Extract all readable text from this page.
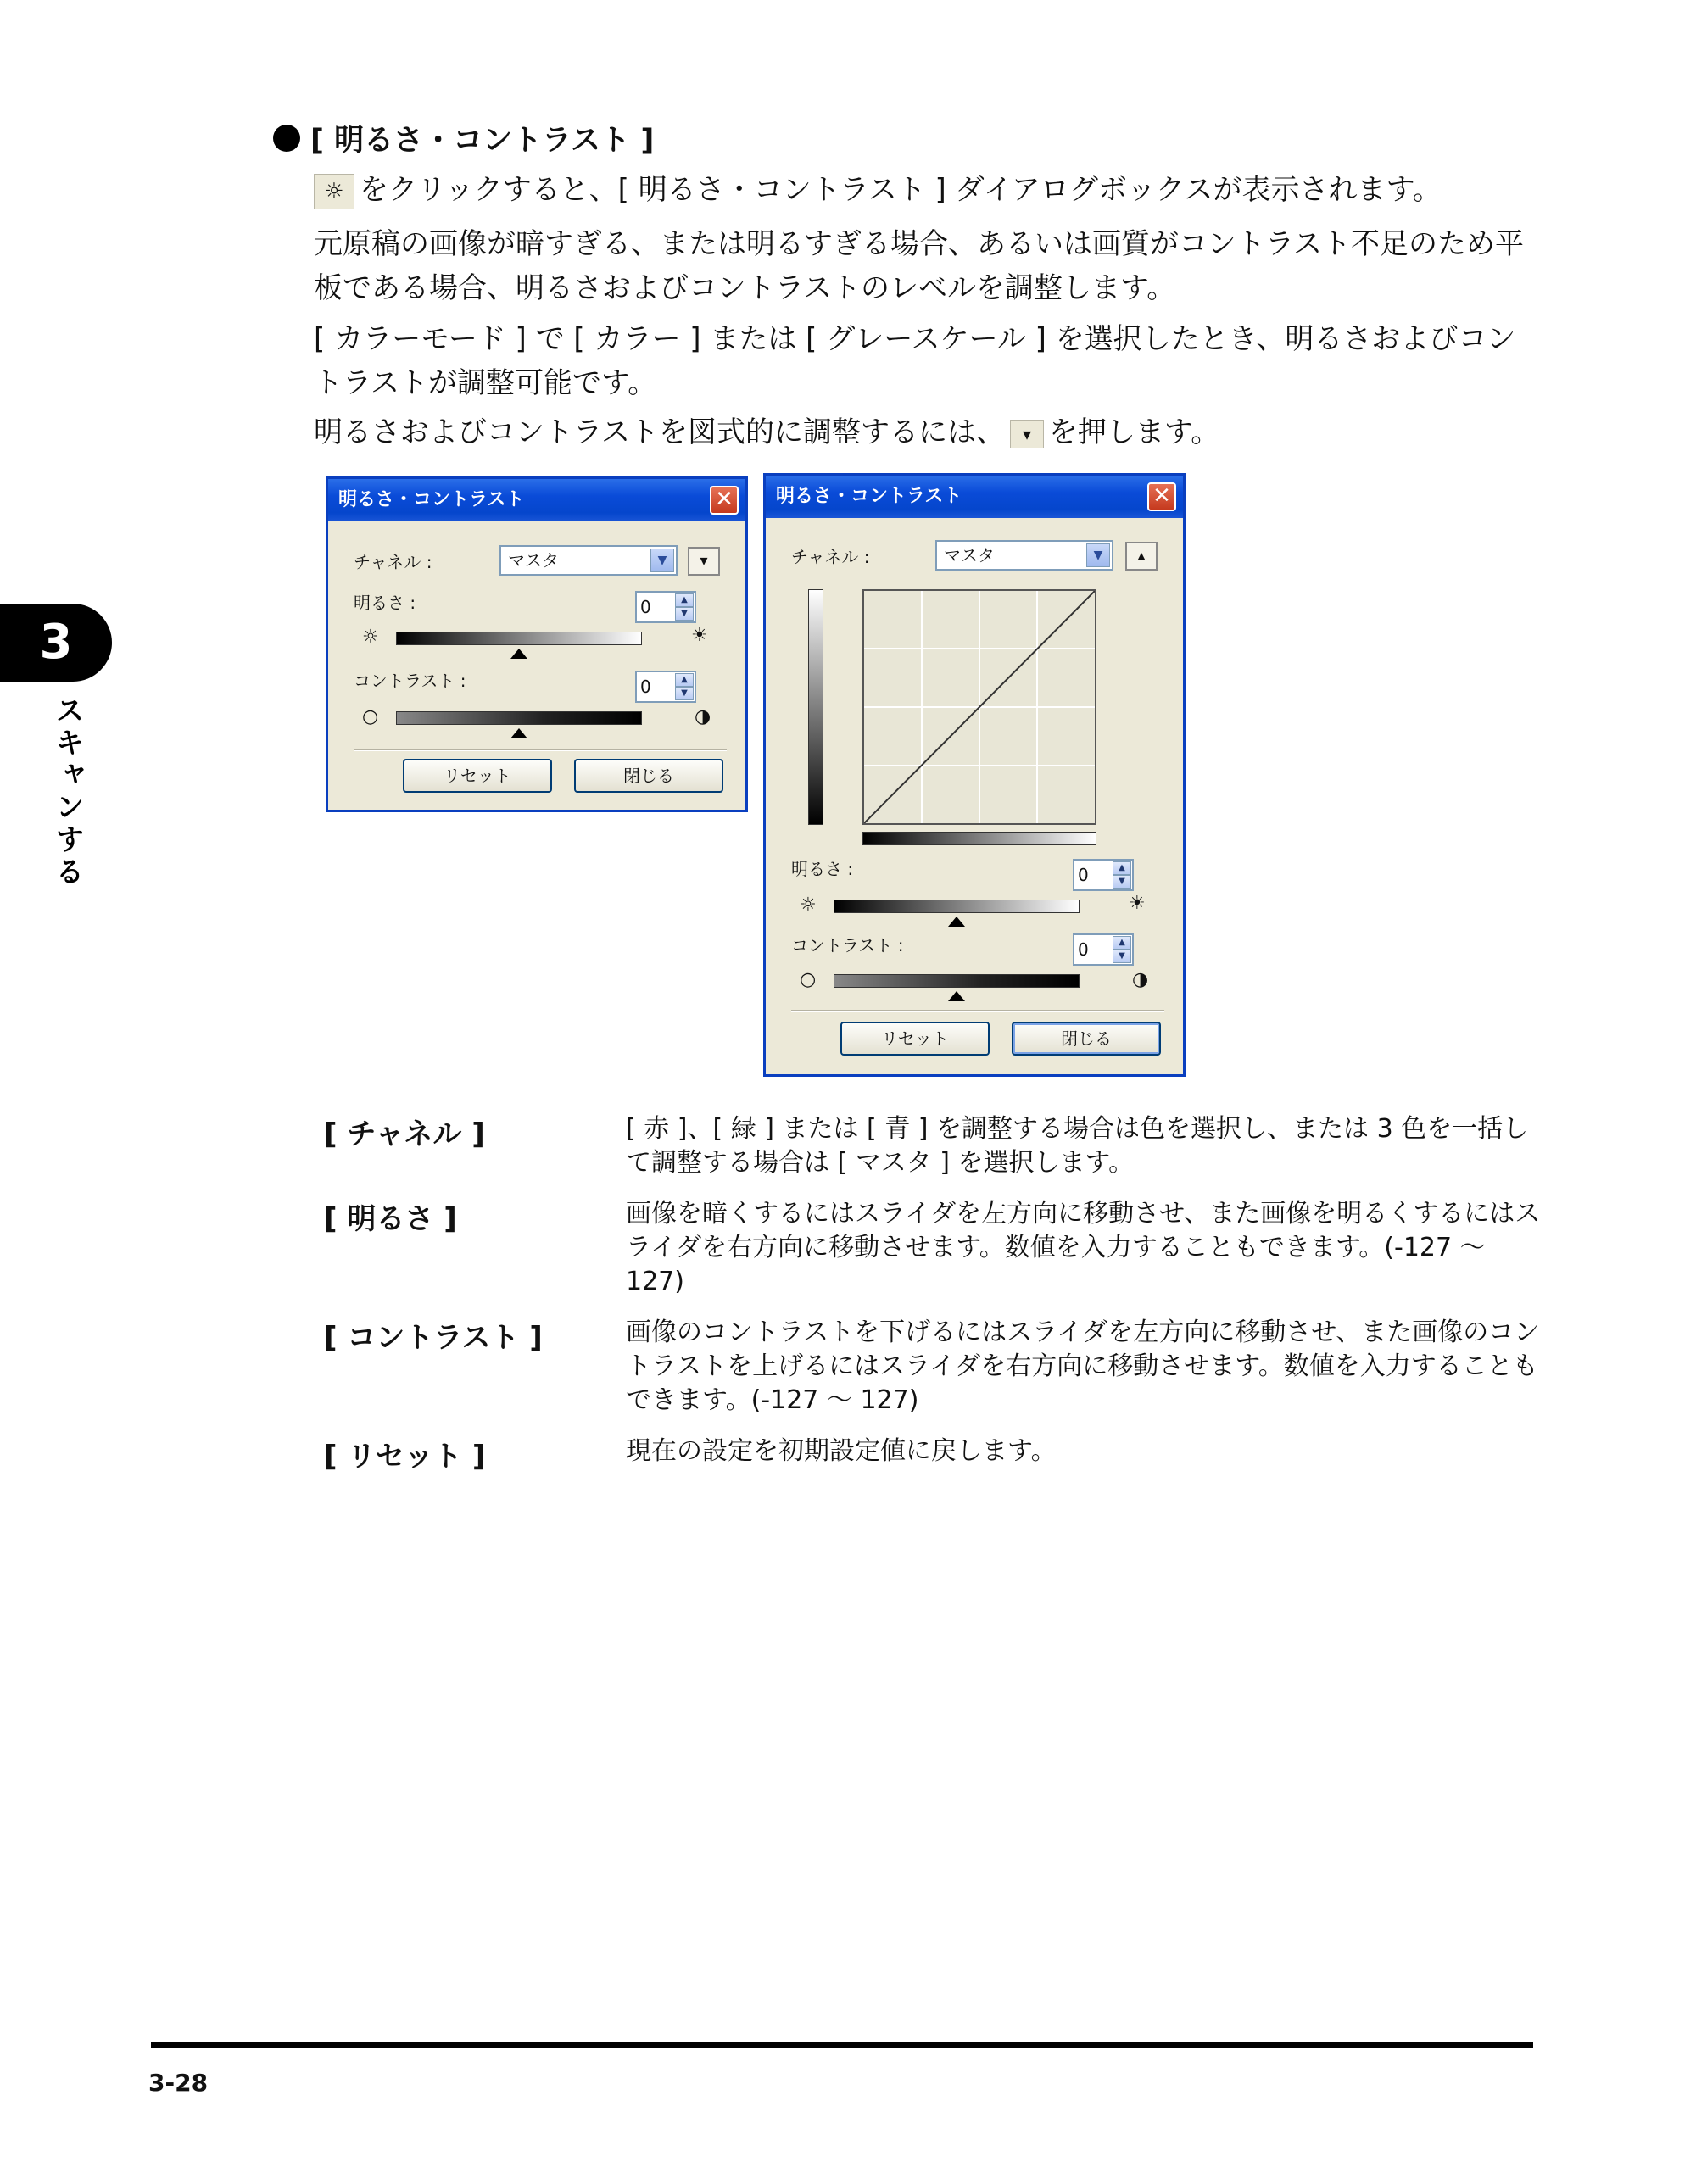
[ 明るさ・コントラスト ]
☼ をクリックすると、[ 明るさ・コントラスト ] ダイアログボックスが表示されます。
元原稿の画像が暗すぎる、または明るすぎる場合、あるいは画質がコントラスト不足のため平板である場合、明るさおよびコントラストのレベルを調整します。
[ カラーモード ] で [ カラー ] または [ グレースケール ] を選択したとき、明るさおよびコントラストが調整可能です。
明るさおよびコントラストを図式的に調整するには、 ▾ を押します。
3
スキャンする
明るさ・コントラスト	✕
チャネル :	マスタ	▼	▾
明るさ :	0	▲
▼
☼	☀
コントラスト :	0	▲
▼
○	◑
リセット	閉じる
明るさ・コントラスト	✕
チャネル :	マスタ	▼	▴
明るさ :	0	▲
▼
☼	☀
コントラスト :	0	▲
▼
○	◑
リセット	閉じる
[ チャネル ]	[ 赤 ]、[ 緑 ] または [ 青 ] を調整する場合は色を選択し、または 3 色を一括して調整する場合は [ マスタ ] を選択します。
[ 明るさ ]	画像を暗くするにはスライダを左方向に移動させ、また画像を明るくするにはスライダを右方向に移動させます。数値を入力することもできます。(-127 〜 127)
[ コントラスト ]	画像のコントラストを下げるにはスライダを左方向に移動させ、また画像のコントラストを上げるにはスライダを右方向に移動させます。数値を入力することもできます。(-127 〜 127)
[ リセット ]	現在の設定を初期設定値に戻します。
3-28
